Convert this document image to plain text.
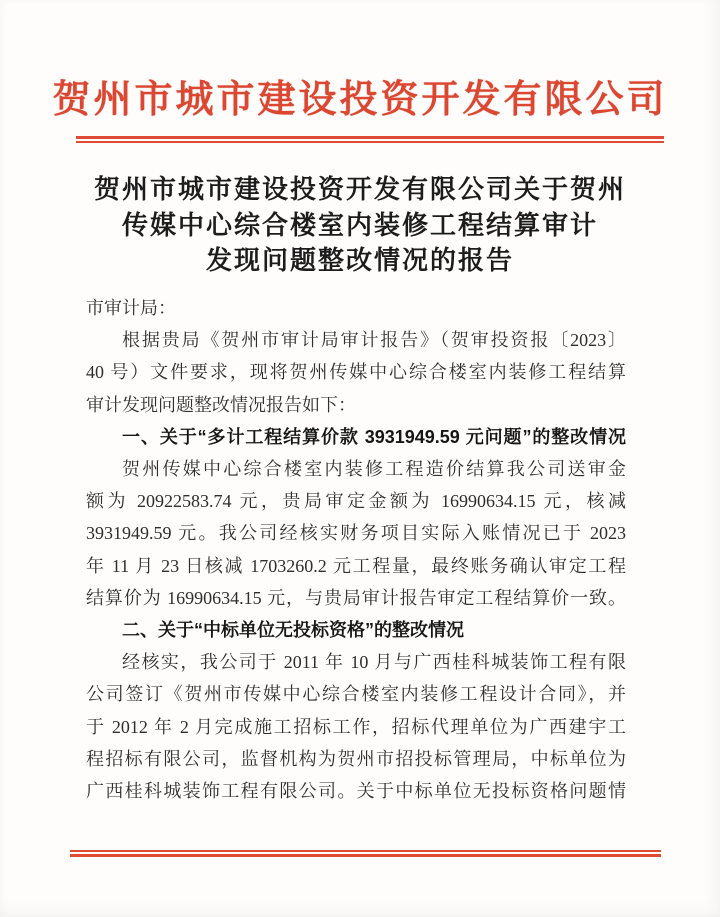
贺州市城市建设投资开发有限公司
贺州市城市建设投资开发有限公司关于贺州
传媒中心综合楼室内装修工程结算审计
发现问题整改情况的报告
市审计局：
根据贵局《贺州市审计局审计报告》（贺审投资报〔2023〕
40 号）文件要求，现将贺州传媒中心综合楼室内装修工程结算
审计发现问题整改情况报告如下：
一、关于“多计工程结算价款 3931949.59 元问题”的整改情况
贺州传媒中心综合楼室内装修工程造价结算我公司送审金
额为 20922583.74 元，贵局审定金额为 16990634.15 元，核减
3931949.59 元。我公司经核实财务项目实际入账情况已于 2023
年 11 月 23 日核减 1703260.2 元工程量，最终账务确认审定工程
结算价为 16990634.15 元，与贵局审计报告审定工程结算价一致。
二、关于“中标单位无投标资格”的整改情况
经核实，我公司于 2011 年 10 月与广西桂科城装饰工程有限
公司签订《贺州市传媒中心综合楼室内装修工程设计合同》，并
于 2012 年 2 月完成施工招标工作，招标代理单位为广西建宇工
程招标有限公司，监督机构为贺州市招投标管理局，中标单位为
广西桂科城装饰工程有限公司。关于中标单位无投标资格问题情
